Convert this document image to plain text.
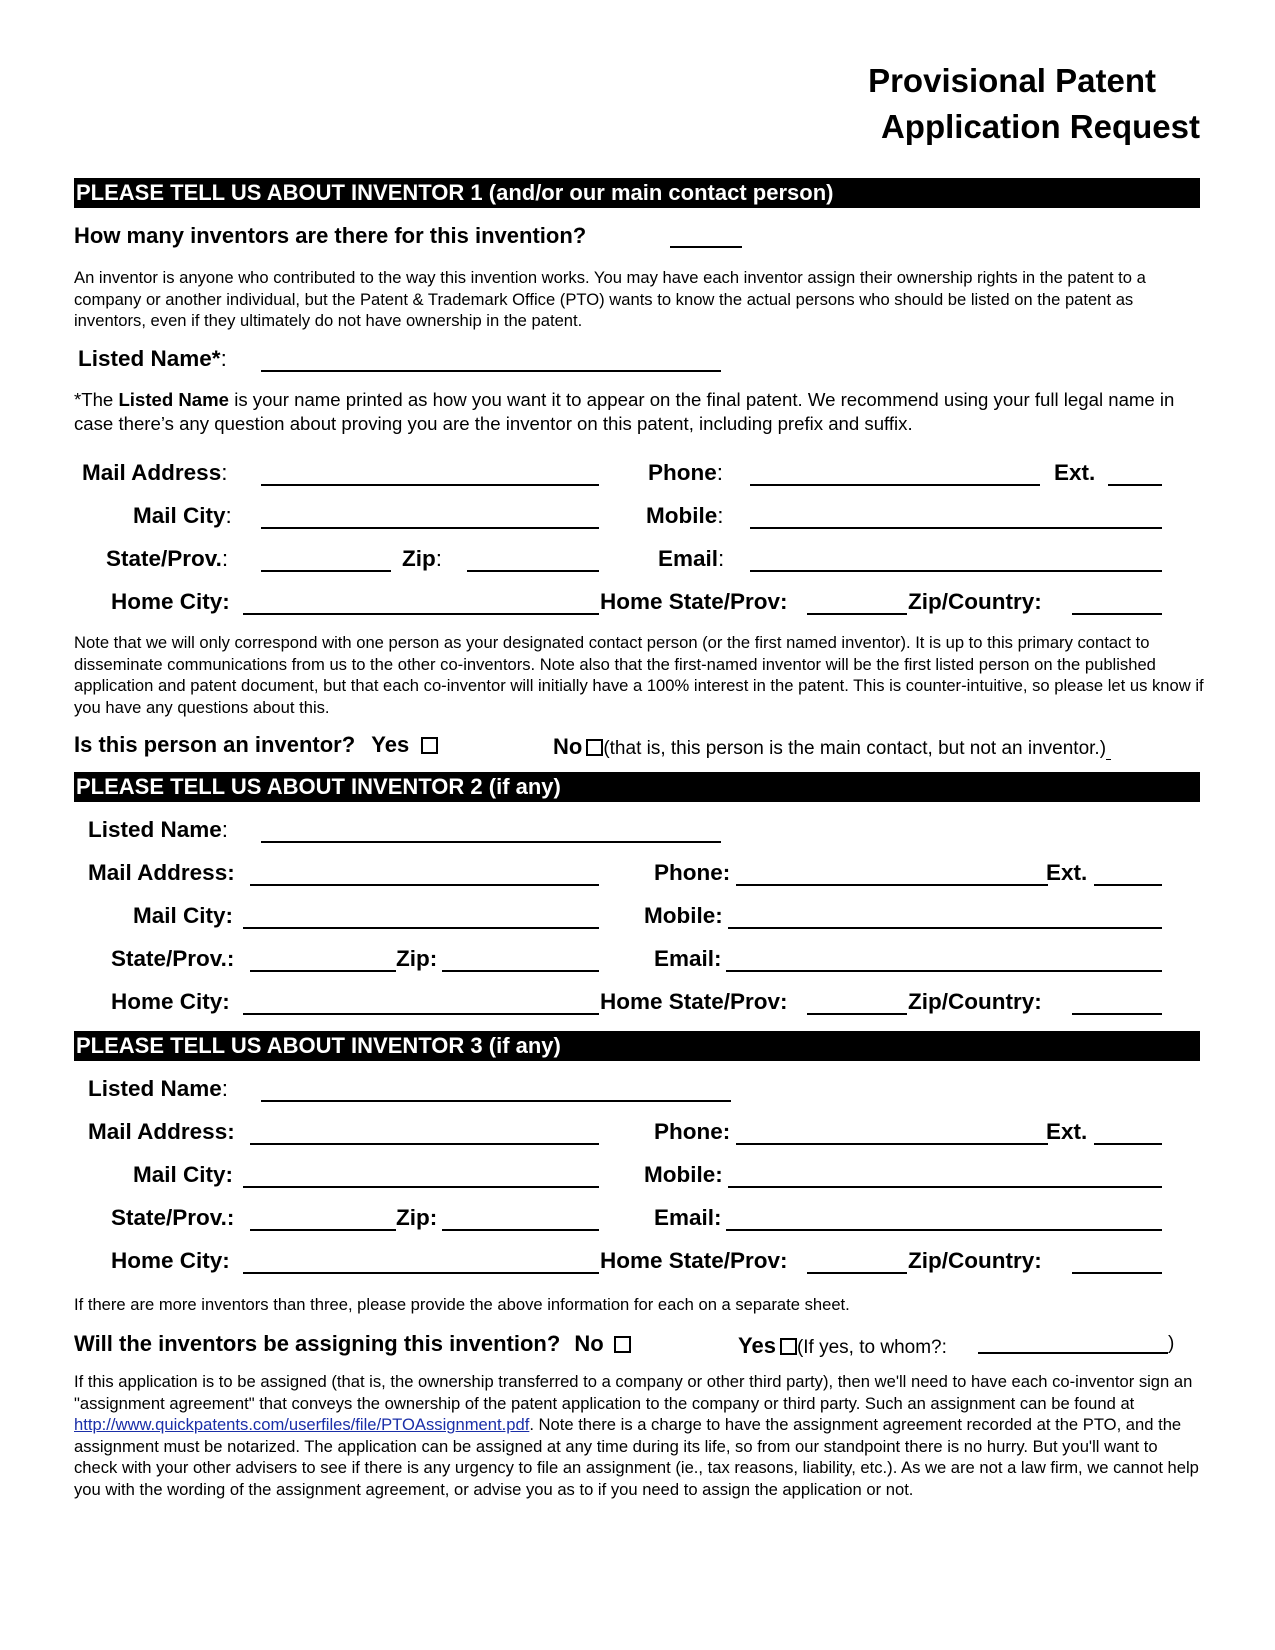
Provisional Patent
Application Request
PLEASE TELL US ABOUT INVENTOR 1 (and/or our main contact person)
How many inventors are there for this invention?
An inventor is anyone who contributed to the way this invention works. You may have each inventor assign their ownership rights in the patent to a company or another individual, but the Patent & Trademark Office (PTO) wants to know the actual persons who should be listed on the patent as inventors, even if they ultimately do not have ownership in the patent.
Listed Name*:
*The Listed Name is your name printed as how you want it to appear on the final patent. We recommend using your full legal name in case there’s any question about proving you are the inventor on this patent, including prefix and suffix.
Mail Address:	Phone:	Ext.
Mail City:	Mobile:
State/Prov.:	Zip:	Email:
Home City:	Home State/Prov:	Zip/Country:
Note that we will only correspond with one person as your designated contact person (or the first named inventor). It is up to this primary contact to disseminate communications from us to the other co-inventors. Note also that the first-named inventor will be the first listed person on the published application and patent document, but that each co-inventor will initially have a 100% interest in the patent. This is counter-intuitive, so please let us know if you have any questions about this.
Is this person an inventor? Yes	No (that is, this person is the main contact, but not an inventor.)
PLEASE TELL US ABOUT INVENTOR 2 (if any)
Listed Name:
Mail Address:	Phone:	Ext.
Mail City:	Mobile:
State/Prov.:	Zip:	Email:
Home City:	Home State/Prov:	Zip/Country:
PLEASE TELL US ABOUT INVENTOR 3 (if any)
Listed Name:
Mail Address:	Phone:	Ext.
Mail City:	Mobile:
State/Prov.:	Zip:	Email:
Home City:	Home State/Prov:	Zip/Country:
If there are more inventors than three, please provide the above information for each on a separate sheet.
Will the inventors be assigning this invention? No	Yes (If yes, to whom?:	)
If this application is to be assigned (that is, the ownership transferred to a company or other third party), then we'll need to have each co-inventor sign an "assignment agreement" that conveys the ownership of the patent application to the company or third party. Such an assignment can be found at http://www.quickpatents.com/userfiles/file/PTOAssignment.pdf. Note there is a charge to have the assignment agreement recorded at the PTO, and the assignment must be notarized. The application can be assigned at any time during its life, so from our standpoint there is no hurry. But you'll want to check with your other advisers to see if there is any urgency to file an assignment (ie., tax reasons, liability, etc.). As we are not a law firm, we cannot help you with the wording of the assignment agreement, or advise you as to if you need to assign the application or not.
